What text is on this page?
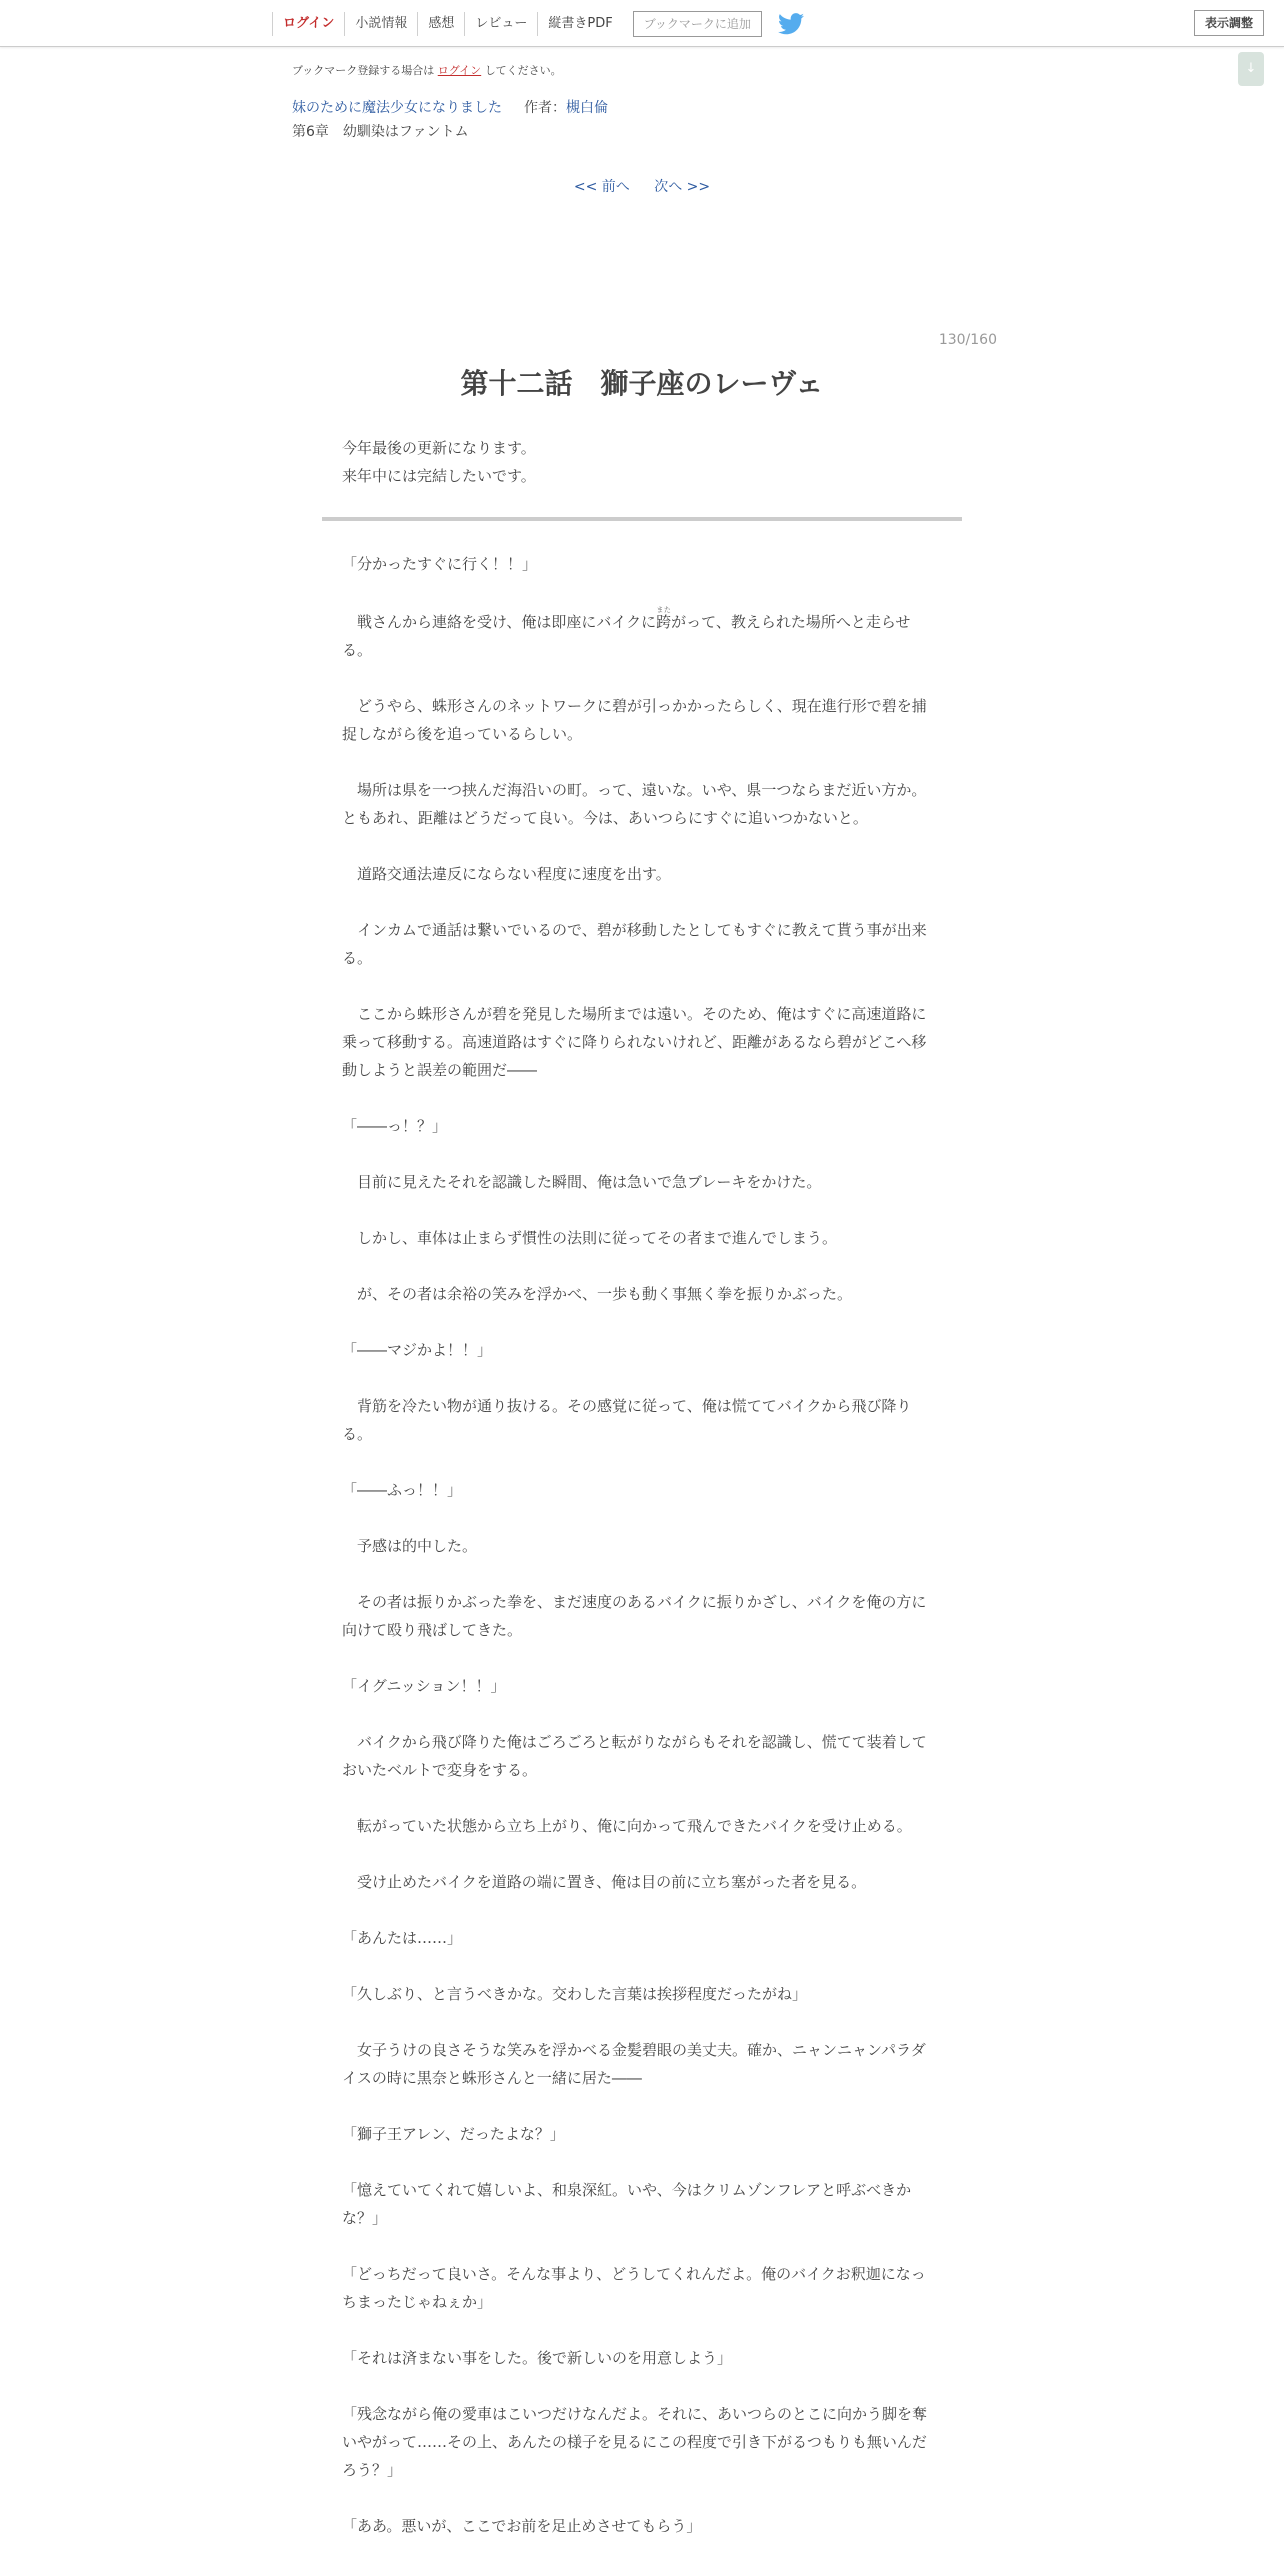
ログイン	小説情報	感想	レビュー	縦書きPDF	ブックマークに追加	表示調整
↓
ブックマーク登録する場合は ログイン してください。
妹のために魔法少女になりました 作者：槻白倫
第6章　幼馴染はファントム
<< 前へ 次へ >>
130/160
第十二話　獅子座のレーヴェ

今年最後の更新になります。

来年中には完結したいです。

「分かったすぐに行く！！」

　戦さんから連絡を受け、俺は即座にバイクに跨またがって、教えられた場所へと走らせる。

　どうやら、蛛形さんのネットワークに碧が引っかかったらしく、現在進行形で碧を捕捉しながら後を追っているらしい。

　場所は県を一つ挟んだ海沿いの町。って、遠いな。いや、県一つならまだ近い方か。ともあれ、距離はどうだって良い。今は、あいつらにすぐに追いつかないと。

　道路交通法違反にならない程度に速度を出す。

　インカムで通話は繋いでいるので、碧が移動したとしてもすぐに教えて貰う事が出来る。

　ここから蛛形さんが碧を発見した場所までは遠い。そのため、俺はすぐに高速道路に乗って移動する。高速道路はすぐに降りられないけれど、距離があるなら碧がどこへ移動しようと誤差の範囲だ――

「――っ！？」

　目前に見えたそれを認識した瞬間、俺は急いで急ブレーキをかけた。

　しかし、車体は止まらず慣性の法則に従ってその者まで進んでしまう。

　が、その者は余裕の笑みを浮かべ、一歩も動く事無く拳を振りかぶった。

「――マジかよ！！」

　背筋を冷たい物が通り抜ける。その感覚に従って、俺は慌ててバイクから飛び降りる。

「――ふっ！！」

　予感は的中した。

　その者は振りかぶった拳を、まだ速度のあるバイクに振りかざし、バイクを俺の方に向けて殴り飛ばしてきた。

「イグニッション！！」

　バイクから飛び降りた俺はごろごろと転がりながらもそれを認識し、慌てて装着しておいたベルトで変身をする。

　転がっていた状態から立ち上がり、俺に向かって飛んできたバイクを受け止める。

　受け止めたバイクを道路の端に置き、俺は目の前に立ち塞がった者を見る。

「あんたは……」

「久しぶり、と言うべきかな。交わした言葉は挨拶程度だったがね」

　女子うけの良さそうな笑みを浮かべる金髪碧眼の美丈夫。確か、ニャンニャンパラダイスの時に黒奈と蛛形さんと一緒に居た――

「獅子王アレン、だったよな？」

「憶えていてくれて嬉しいよ、和泉深紅。いや、今はクリムゾンフレアと呼ぶべきかな？」

「どっちだって良いさ。そんな事より、どうしてくれんだよ。俺のバイクお釈迦になっちまったじゃねぇか」

「それは済まない事をした。後で新しいのを用意しよう」

「残念ながら俺の愛車はこいつだけなんだよ。それに、あいつらのとこに向かう脚を奪いやがって……その上、あんたの様子を見るにこの程度で引き下がるつもりも無いんだろう？」

「ああ。悪いが、ここでお前を足止めさせてもらう」
